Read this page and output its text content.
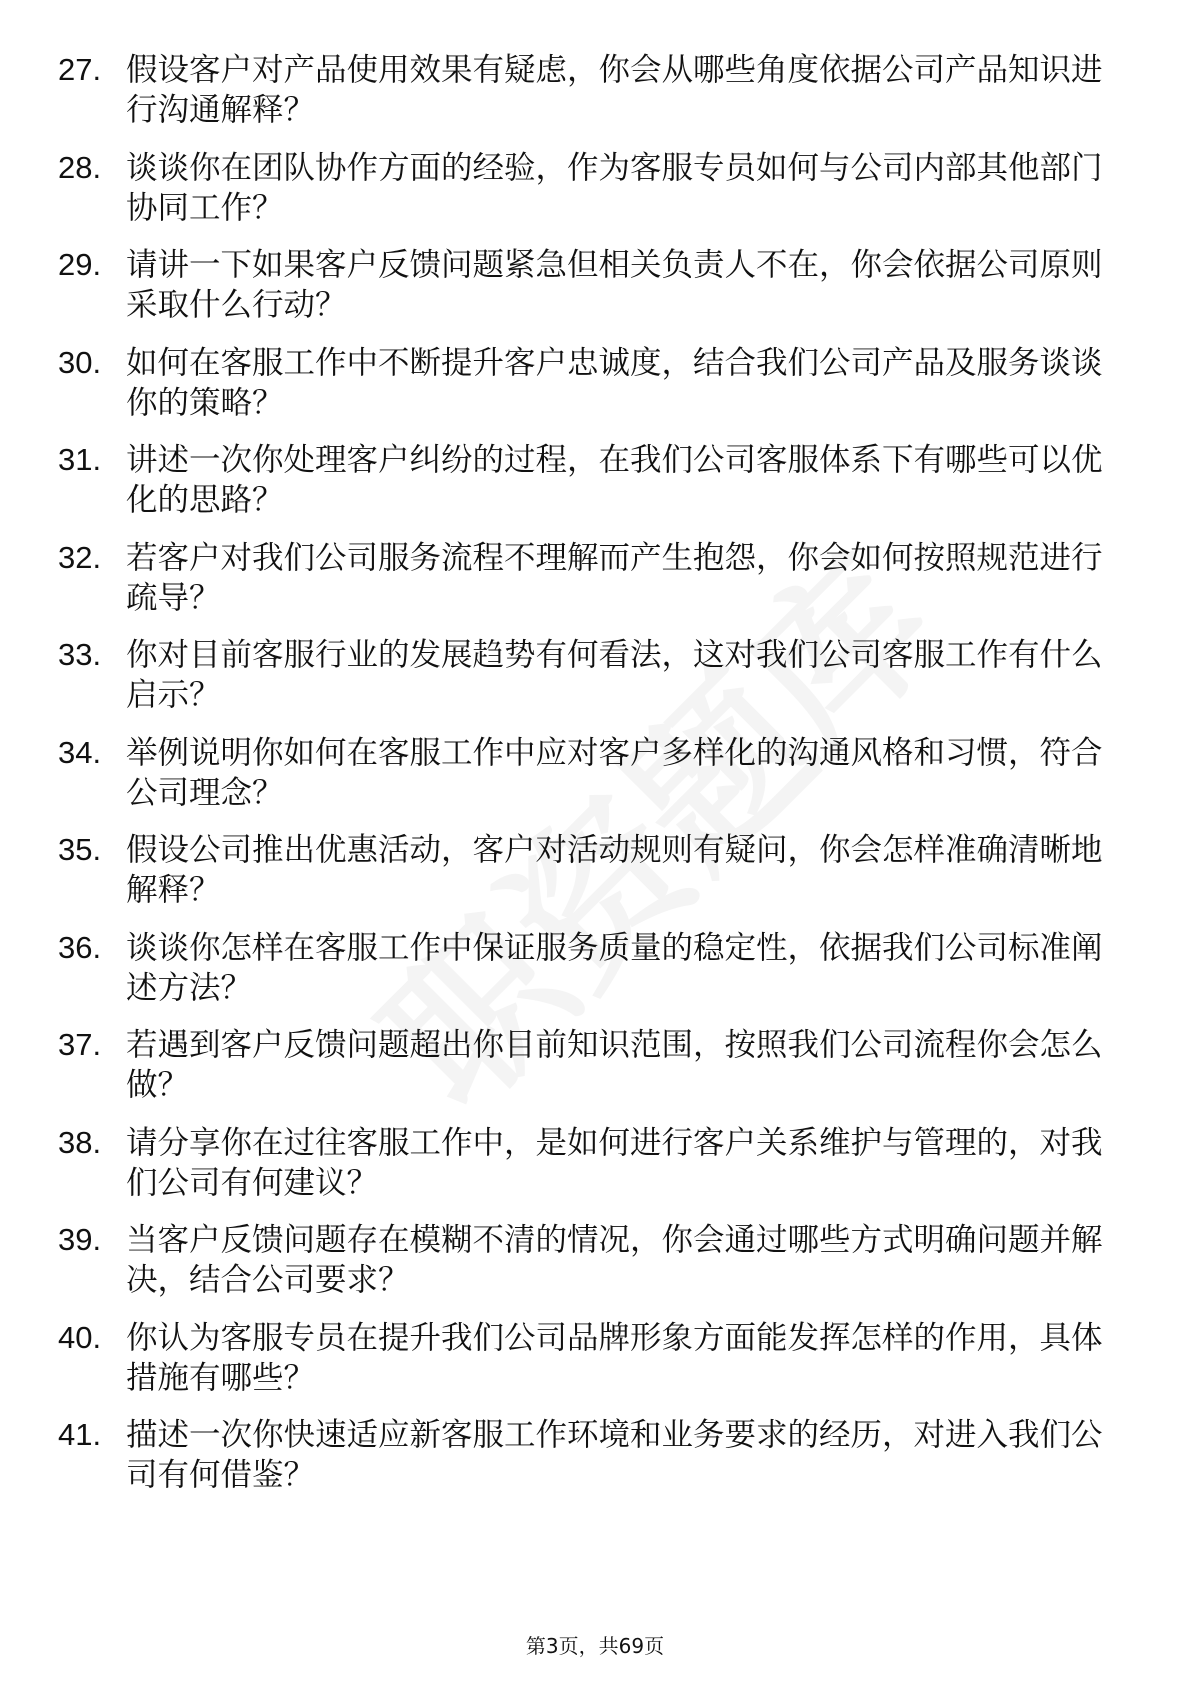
27. 假设客户对产品使用效果有疑虑，你会从哪些角度依据公司产品知识进行沟通解释？
28. 谈谈你在团队协作方面的经验，作为客服专员如何与公司内部其他部门协同工作？
29. 请讲一下如果客户反馈问题紧急但相关负责人不在，你会依据公司原则采取什么行动？
30. 如何在客服工作中不断提升客户忠诚度，结合我们公司产品及服务谈谈你的策略？
31. 讲述一次你处理客户纠纷的过程，在我们公司客服体系下有哪些可以优化的思路？
32. 若客户对我们公司服务流程不理解而产生抱怨，你会如何按照规范进行疏导？
33. 你对目前客服行业的发展趋势有何看法，这对我们公司客服工作有什么启示？
34. 举例说明你如何在客服工作中应对客户多样化的沟通风格和习惯，符合公司理念？
35. 假设公司推出优惠活动，客户对活动规则有疑问，你会怎样准确清晰地解释？
36. 谈谈你怎样在客服工作中保证服务质量的稳定性，依据我们公司标准阐述方法？
37. 若遇到客户反馈问题超出你目前知识范围，按照我们公司流程你会怎么做？
38. 请分享你在过往客服工作中，是如何进行客户关系维护与管理的，对我们公司有何建议？
39. 当客户反馈问题存在模糊不清的情况，你会通过哪些方式明确问题并解决，结合公司要求？
40. 你认为客服专员在提升我们公司品牌形象方面能发挥怎样的作用，具体措施有哪些？
41. 描述一次你快速适应新客服工作环境和业务要求的经历，对进入我们公司有何借鉴？
第3页，共69页
